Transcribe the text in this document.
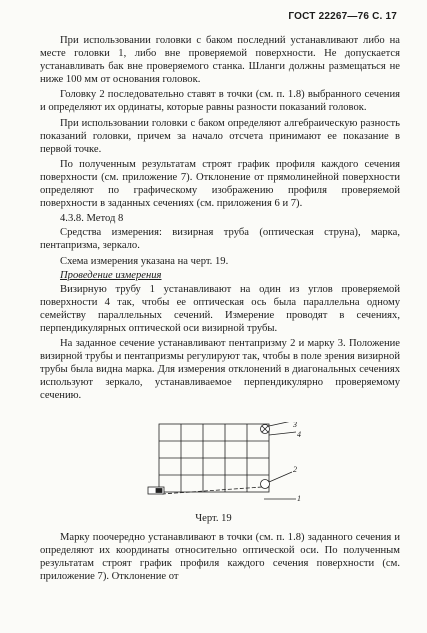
ГОСТ 22267—76 С. 17

При использовании головки с баком последний устанавливают либо на месте головки 1, либо вне проверяемой поверхности. Не допускается устанавливать бак вне проверяемого станка. Шланги должны размещаться не ниже 100 мм от основания головок.

Головку 2 последовательно ставят в точки (см. п. 1.8) выбранного сечения и определяют их ординаты, которые равны разности показаний головок.

При использовании головки с баком определяют алгебраическую разность показаний головки, причем за начало отсчета принимают ее показание в первой точке.

По полученным результатам строят график профиля каждого сечения поверхности (см. приложение 7). Отклонение от прямолинейной поверхности определяют по графическому изображению профиля проверяемой поверхности в заданных сечениях (см. приложения 6 и 7).

4.3.8. Метод 8

Средства измерения: визирная труба (оптическая струна), марка, пентапризма, зеркало.

Схема измерения указана на черт. 19.

Проведение измерения

Визирную трубу 1 устанавливают на один из углов проверяемой поверхности 4 так, чтобы ее оптическая ось была параллельна одному семейству параллельных сечений. Измерение проводят в сечениях, перпендикулярных оптической оси визирной трубы.

На заданное сечение устанавливают пентапризму 2 и марку 3. Положение визирной трубы и пентапризмы регулируют так, чтобы в поле зрения визирной трубы была видна марка. Для измерения отклонений в диагональных сечениях используют зеркало, устанавливаемое перпендикулярно проверяемому сечению.

3
4
2
1
Черт. 19

Марку поочередно устанавливают в точки (см. п. 1.8) заданного сечения и определяют их координаты относительно оптической оси. По полученным результатам строят график профиля каждого сечения поверхности (см. приложение 7). Отклонение от
